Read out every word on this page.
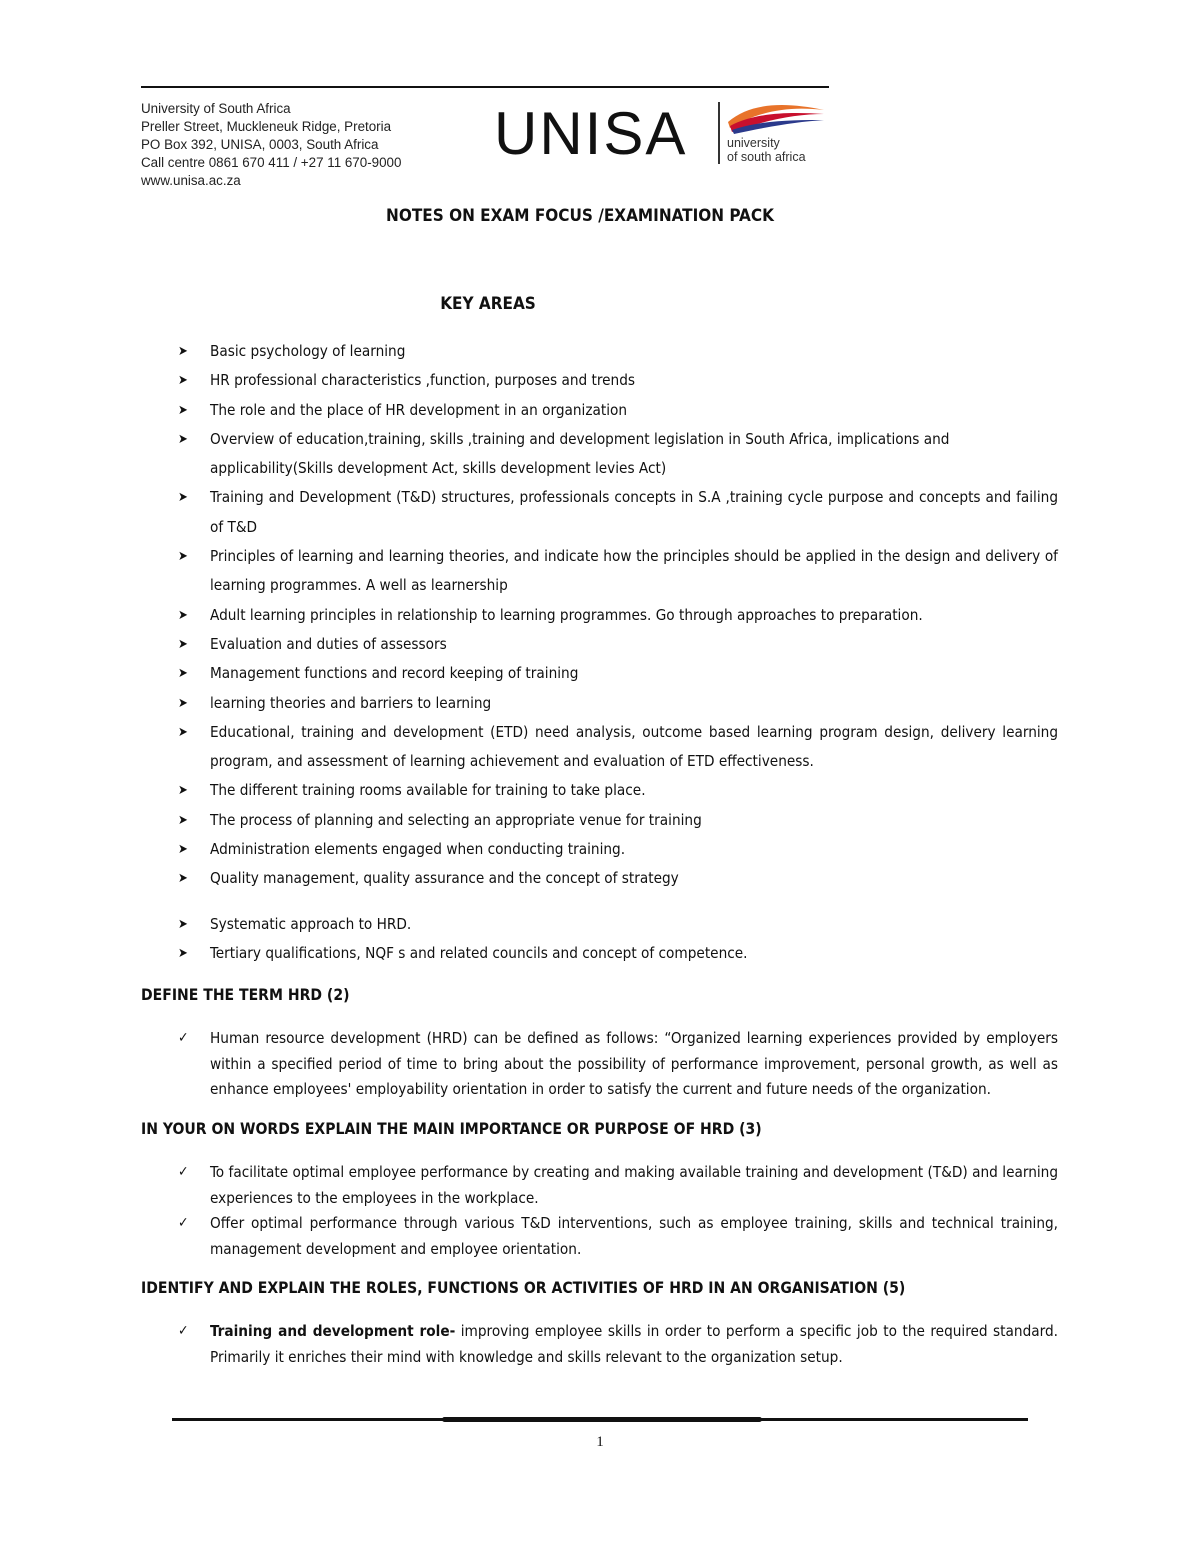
University of South Africa
Preller Street, Muckleneuk Ridge, Pretoria
PO Box 392, UNISA, 0003, South Africa
Call centre 0861 670 411 / +27 11 670-9000
www.unisa.ac.za
UNISA	university
of south africa
NOTES ON EXAM FOCUS /EXAMINATION PACK
KEY AREAS
➤ Basic psychology of learning
➤ HR professional characteristics ,function, purposes and trends
➤ The role and the place of HR development in an organization
➤ Overview of education,training, skills ,training and development legislation in South Africa, implications and applicability(Skills development Act, skills development levies Act)
➤ Training and Development (T&D) structures, professionals concepts in S.A ,training cycle purpose and concepts and failing of T&D
➤ Principles of learning and learning theories, and indicate how the principles should be applied in the design and delivery of learning programmes. A well as learnership
➤ Adult learning principles in relationship to learning programmes. Go through approaches to preparation.
➤ Evaluation and duties of assessors
➤ Management functions and record keeping of training
➤ learning theories and barriers to learning
➤ Educational, training and development (ETD) need analysis, outcome based learning program design, delivery learning program, and assessment of learning achievement and evaluation of ETD effectiveness.
➤ The different training rooms available for training to take place.
➤ The process of planning and selecting an appropriate venue for training
➤ Administration elements engaged when conducting training.
➤ Quality management, quality assurance and the concept of strategy
➤ Systematic approach to HRD.
➤ Tertiary qualifications, NQF s and related councils and concept of competence.
DEFINE THE TERM HRD (2)
✓ Human resource development (HRD) can be defined as follows: “Organized learning experiences provided by employers within a specified period of time to bring about the possibility of performance improvement, personal growth, as well as enhance employees' employability orientation in order to satisfy the current and future needs of the organization.
IN YOUR ON WORDS EXPLAIN THE MAIN IMPORTANCE OR PURPOSE OF HRD (3)
✓ To facilitate optimal employee performance by creating and making available training and development (T&D) and learning experiences to the employees in the workplace.
✓ Offer optimal performance through various T&D interventions, such as employee training, skills and technical training, management development and employee orientation.
IDENTIFY AND EXPLAIN THE ROLES, FUNCTIONS OR ACTIVITIES OF HRD IN AN ORGANISATION (5)
✓ Training and development role- improving employee skills in order to perform a specific job to the required standard. Primarily it enriches their mind with knowledge and skills relevant to the organization setup.
1
